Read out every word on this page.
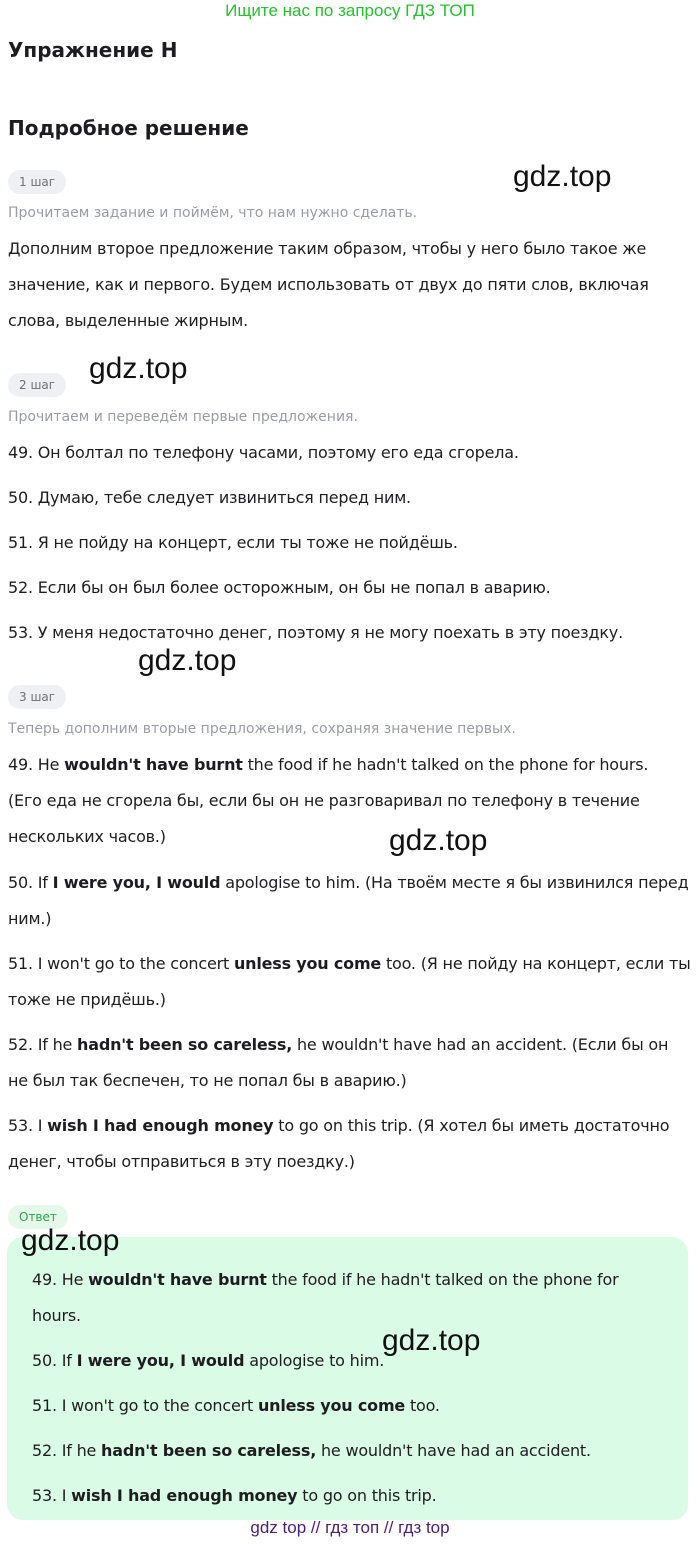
Ищите нас по запросу ГДЗ ТОП
Упражнение H
Подробное решение
1 шаг
Прочитаем задание и поймём, что нам нужно сделать.
Дополним второе предложение таким образом, чтобы у него было такое же
значение, как и первого. Будем использовать от двух до пяти слов, включая
слова, выделенные жирным.
2 шаг
Прочитаем и переведём первые предложения.
49. Он болтал по телефону часами, поэтому его еда сгорела.
50. Думаю, тебе следует извиниться перед ним.
51. Я не пойду на концерт, если ты тоже не пойдёшь.
52. Если бы он был более осторожным, он бы не попал в аварию.
53. У меня недостаточно денег, поэтому я не могу поехать в эту поездку.
3 шаг
Теперь дополним вторые предложения, сохраняя значение первых.
49. He wouldn't have burnt the food if he hadn't talked on the phone for hours.
(Его еда не сгорела бы, если бы он не разговаривал по телефону в течение
нескольких часов.)
50. If I were you, I would apologise to him. (На твоём месте я бы извинился перед
ним.)
51. I won't go to the concert unless you come too. (Я не пойду на концерт, если ты
тоже не придёшь.)
52. If he hadn't been so careless, he wouldn't have had an accident. (Если бы он
не был так беспечен, то не попал бы в аварию.)
53. I wish I had enough money to go on this trip. (Я хотел бы иметь достаточно
денег, чтобы отправиться в эту поездку.)
Ответ
49. He wouldn't have burnt the food if he hadn't talked on the phone for
hours.
50. If I were you, I would apologise to him.
51. I won't go to the concert unless you come too.
52. If he hadn't been so careless, he wouldn't have had an accident.
53. I wish I had enough money to go on this trip.
gdz.top
gdz.top
gdz.top
gdz.top
gdz.top
gdz.top
gdz top // гдз топ // гдз top
